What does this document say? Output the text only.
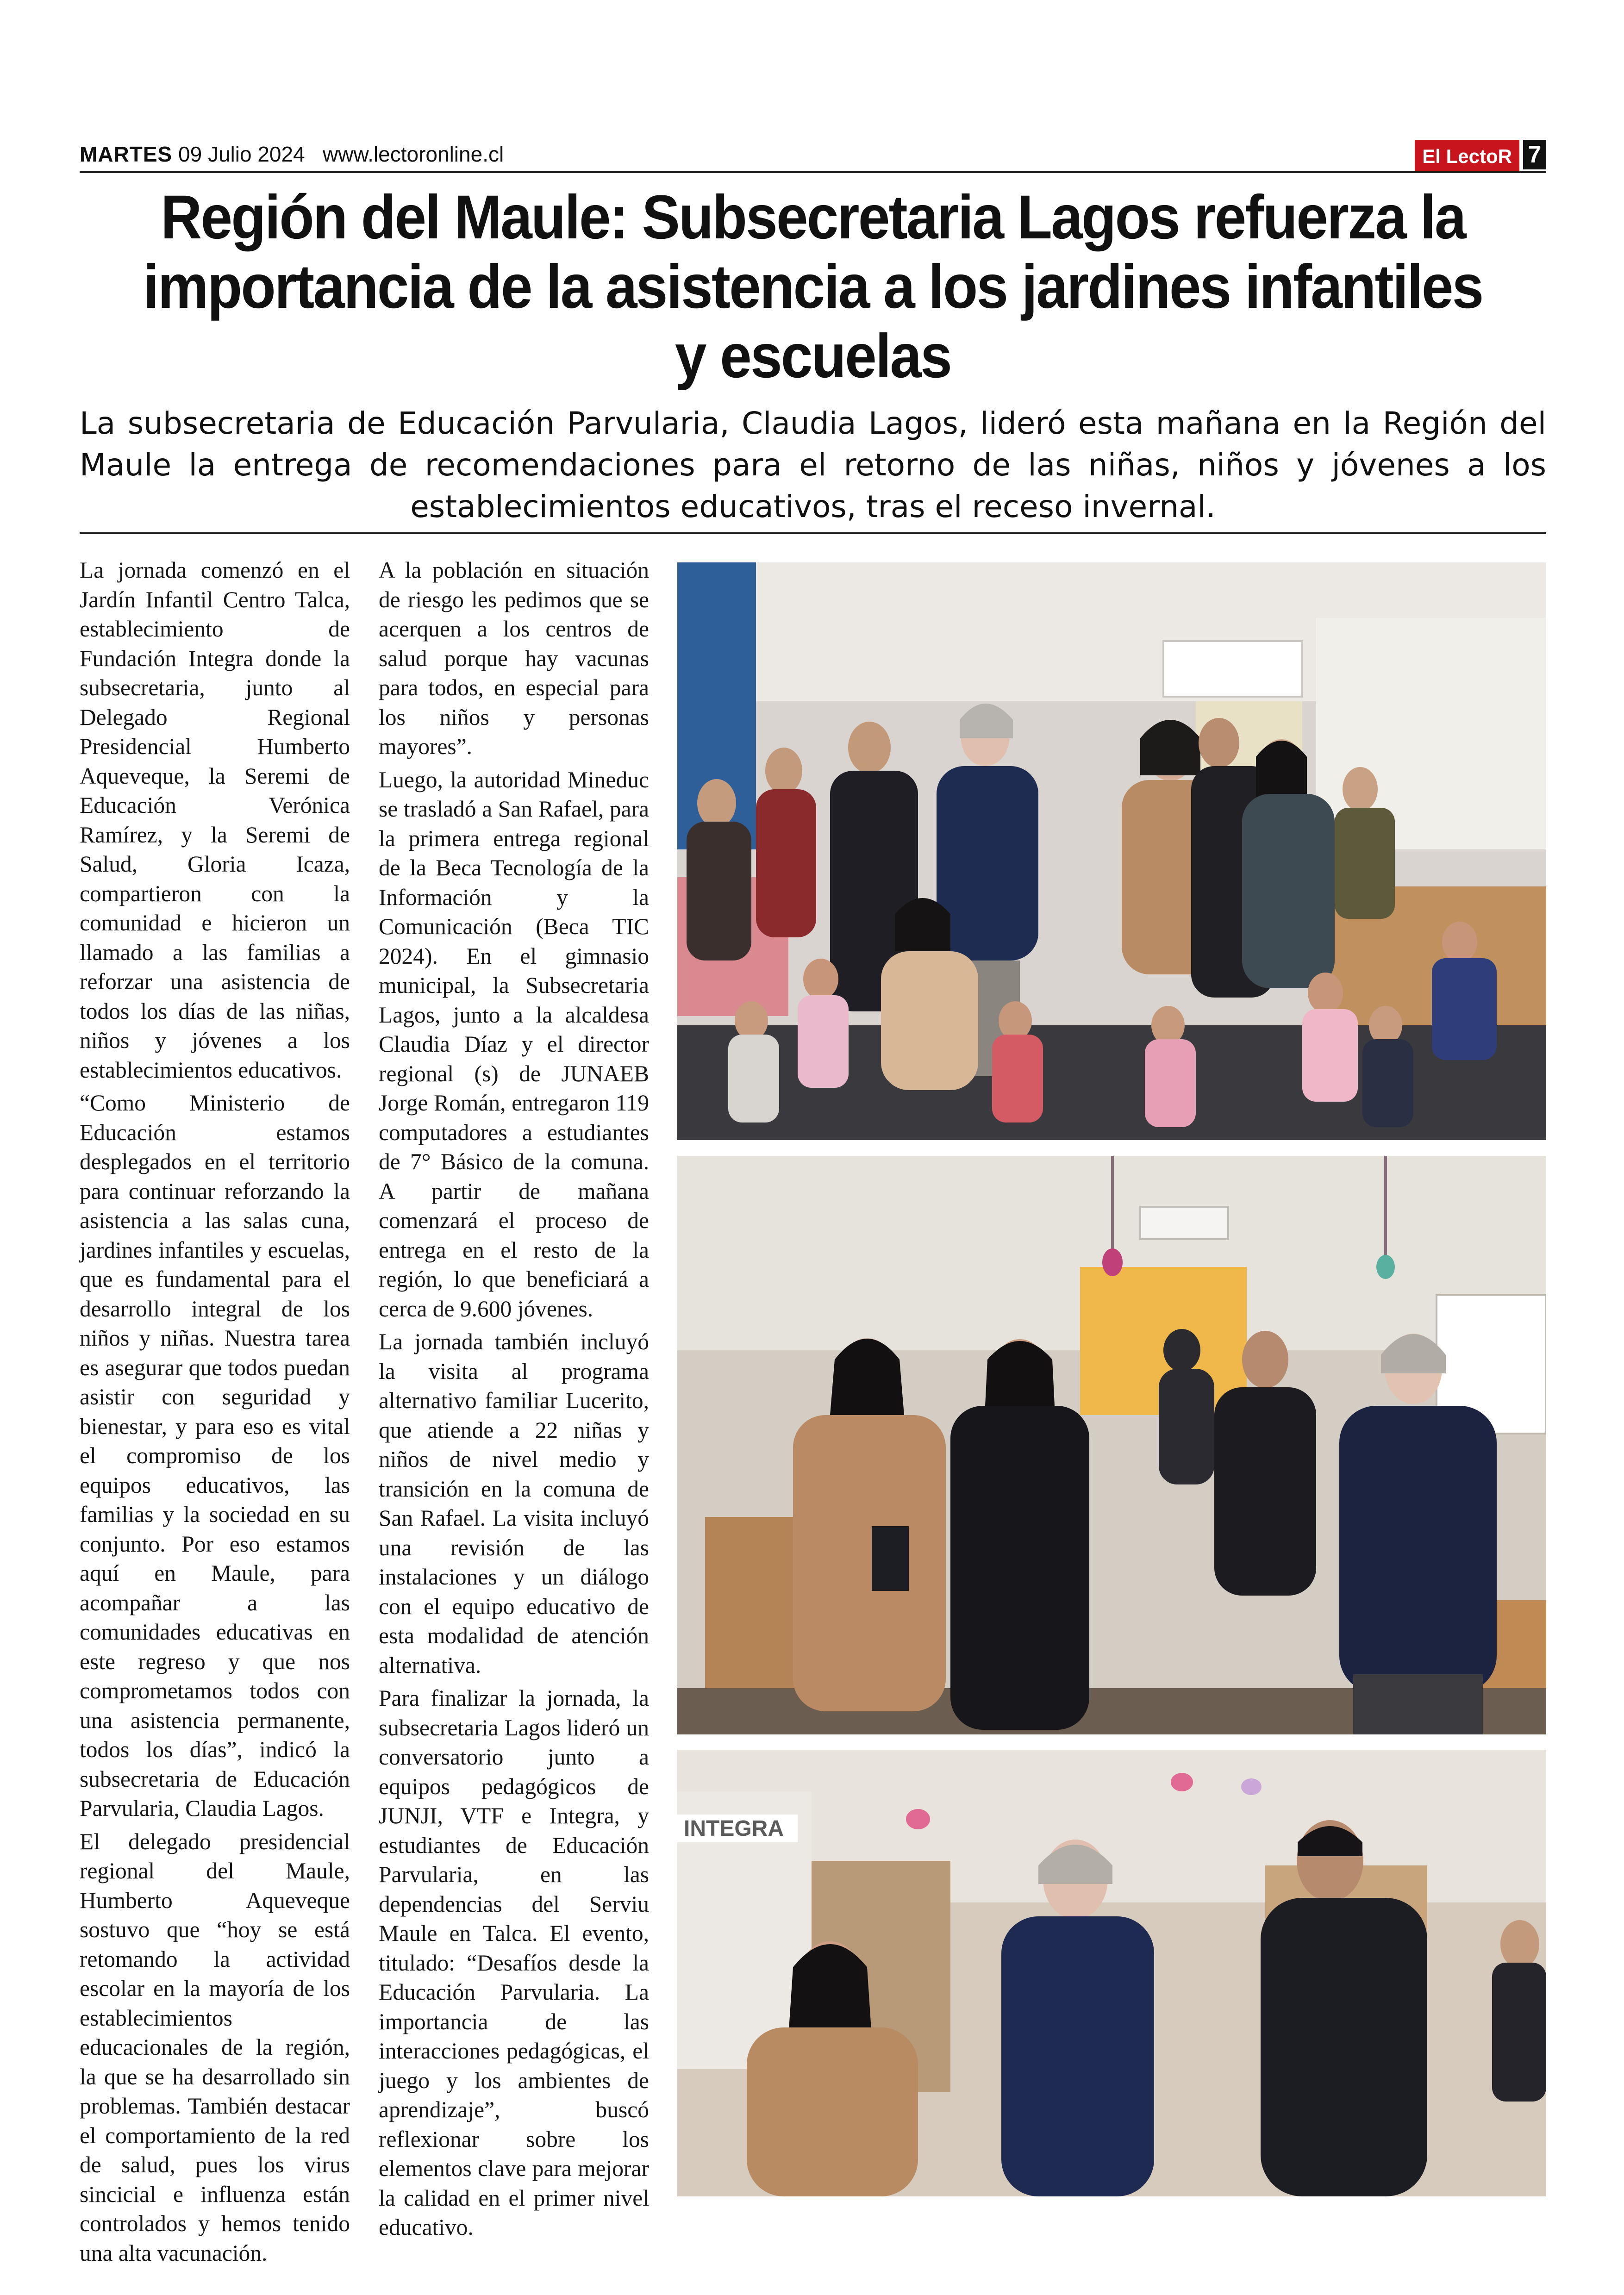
MARTES 09 Julio 2024 www.lectoronline.cl	El LectoR 7
Región del Maule: Subsecretaria Lagos refuerza la importancia de la asistencia a los jardines infantiles y escuelas
La subsecretaria de Educación Parvularia, Claudia Lagos, lideró esta mañana en la Región del Maule la entrega de recomendaciones para el retorno de las niñas, niños y jóvenes a los establecimientos educativos, tras el receso invernal.

La jornada comenzó en el Jardín Infantil Centro Talca, establecimiento de Fundación Integra donde la subsecretaria, junto al Delegado Regional Presidencial Humberto Aqueveque, la Seremi de Educación Verónica Ramírez, y la Seremi de Salud, Gloria Icaza, compartieron con la comunidad e hicieron un llamado a las familias a reforzar una asistencia de todos los días de las niñas, niños y jóvenes a los establecimientos educativos.

“Como Ministerio de Educación estamos desplegados en el territorio para continuar reforzando la asistencia a las salas cuna, jardines infantiles y escuelas, que es fundamental para el desarrollo integral de los niños y niñas. Nuestra tarea es asegurar que todos puedan asistir con seguridad y bienestar, y para eso es vital el compromiso de los equipos educativos, las familias y la sociedad en su conjunto. Por eso estamos aquí en Maule, para acompañar a las comunidades educativas en este regreso y que nos comprometamos todos con una asistencia permanente, todos los días”, indicó la subsecretaria de Educación Parvularia, Claudia Lagos.

El delegado presidencial regional del Maule, Humberto Aqueveque sostuvo que “hoy se está retomando la actividad escolar en la mayoría de los establecimientos educacionales de la región, la que se ha desarrollado sin problemas. También destacar el comportamiento de la red de salud, pues los virus sincicial e influenza están controlados y hemos tenido una alta vacunación.

A la población en situación de riesgo les pedimos que se acerquen a los centros de salud porque hay vacunas para todos, en especial para los niños y personas mayores”.

Luego, la autoridad Mineduc se trasladó a San Rafael, para la primera entrega regional de la Beca Tecnología de la Información y la Comunicación (Beca TIC 2024). En el gimnasio municipal, la Subsecretaria Lagos, junto a la alcaldesa Claudia Díaz y el director regional (s) de JUNAEB Jorge Román, entregaron 119 computadores a estudiantes de 7° Básico de la comuna. A partir de mañana comenzará el proceso de entrega en el resto de la región, lo que beneficiará a cerca de 9.600 jóvenes.

La jornada también incluyó la visita al programa alternativo familiar Lucerito, que atiende a 22 niñas y niños de nivel medio y transición en la comuna de San Rafael. La visita incluyó una revisión de las instalaciones y un diálogo con el equipo educativo de esta modalidad de atención alternativa.

Para finalizar la jornada, la subsecretaria Lagos lideró un conversatorio junto a equipos pedagógicos de JUNJI, VTF e Integra, y estudiantes de Educación Parvularia, en las dependencias del Serviu Maule en Talca. El evento, titulado: “Desafíos desde la Educación Parvularia. La importancia de las interacciones pedagógicas, el juego y los ambientes de aprendizaje”, buscó reflexionar sobre los elementos clave para mejorar la calidad en el primer nivel educativo.

INTEGRA
